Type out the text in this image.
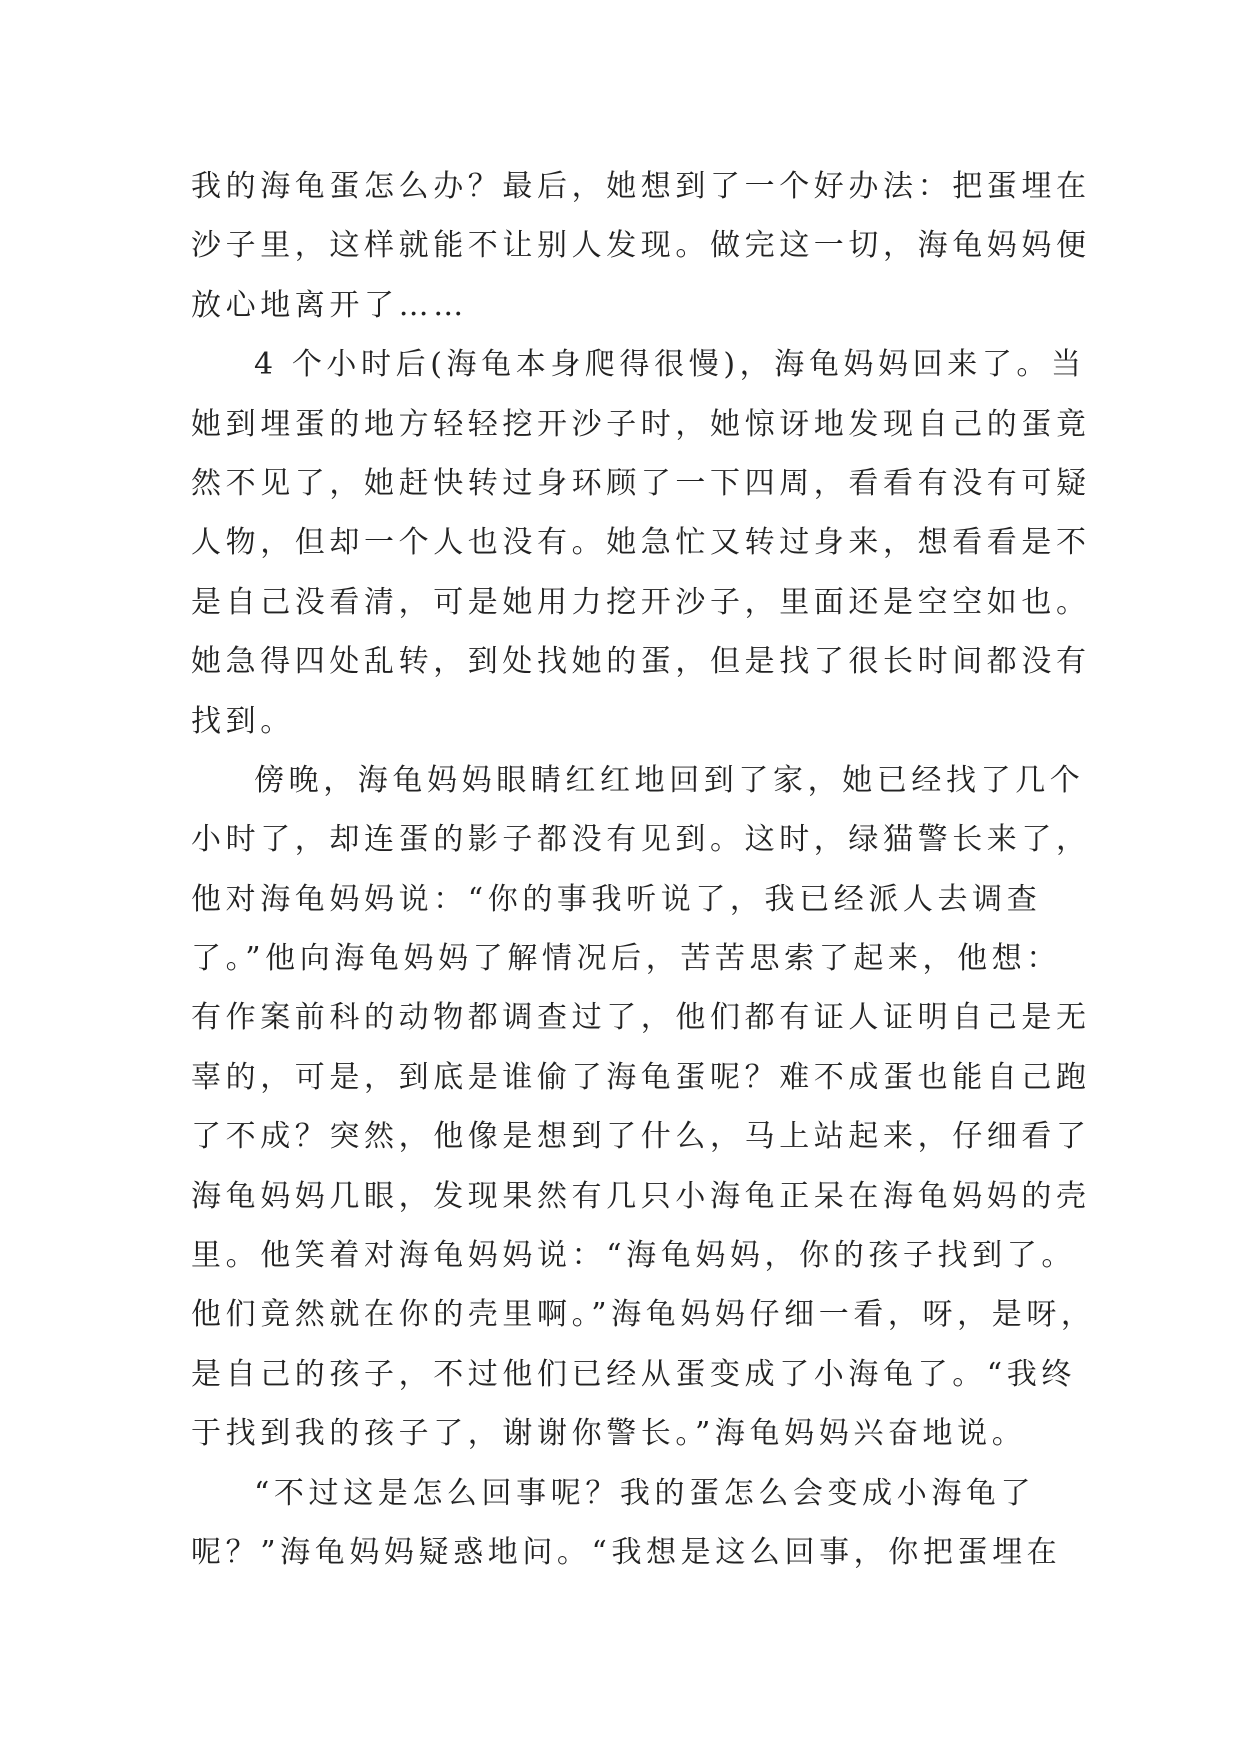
我的海龟蛋怎么办？最后，她想到了一个好办法：把蛋埋在
沙子里，这样就能不让别人发现。做完这一切，海龟妈妈便
放心地离开了……
4 个小时后(海龟本身爬得很慢)，海龟妈妈回来了。当
她到埋蛋的地方轻轻挖开沙子时，她惊讶地发现自己的蛋竟
然不见了，她赶快转过身环顾了一下四周，看看有没有可疑
人物，但却一个人也没有。她急忙又转过身来，想看看是不
是自己没看清，可是她用力挖开沙子，里面还是空空如也。
她急得四处乱转，到处找她的蛋，但是找了很长时间都没有
找到。
傍晚，海龟妈妈眼睛红红地回到了家，她已经找了几个
小时了，却连蛋的影子都没有见到。这时，绿猫警长来了，
他对海龟妈妈说：“你的事我听说了，我已经派人去调查
了。”他向海龟妈妈了解情况后，苦苦思索了起来，他想：
有作案前科的动物都调查过了，他们都有证人证明自己是无
辜的，可是，到底是谁偷了海龟蛋呢？难不成蛋也能自己跑
了不成？突然，他像是想到了什么，马上站起来，仔细看了
海龟妈妈几眼，发现果然有几只小海龟正呆在海龟妈妈的壳
里。他笑着对海龟妈妈说：“海龟妈妈，你的孩子找到了。
他们竟然就在你的壳里啊。”海龟妈妈仔细一看，呀，是呀，
是自己的孩子，不过他们已经从蛋变成了小海龟了。“我终
于找到我的孩子了，谢谢你警长。”海龟妈妈兴奋地说。
“不过这是怎么回事呢？我的蛋怎么会变成小海龟了
呢？”海龟妈妈疑惑地问。“我想是这么回事，你把蛋埋在
